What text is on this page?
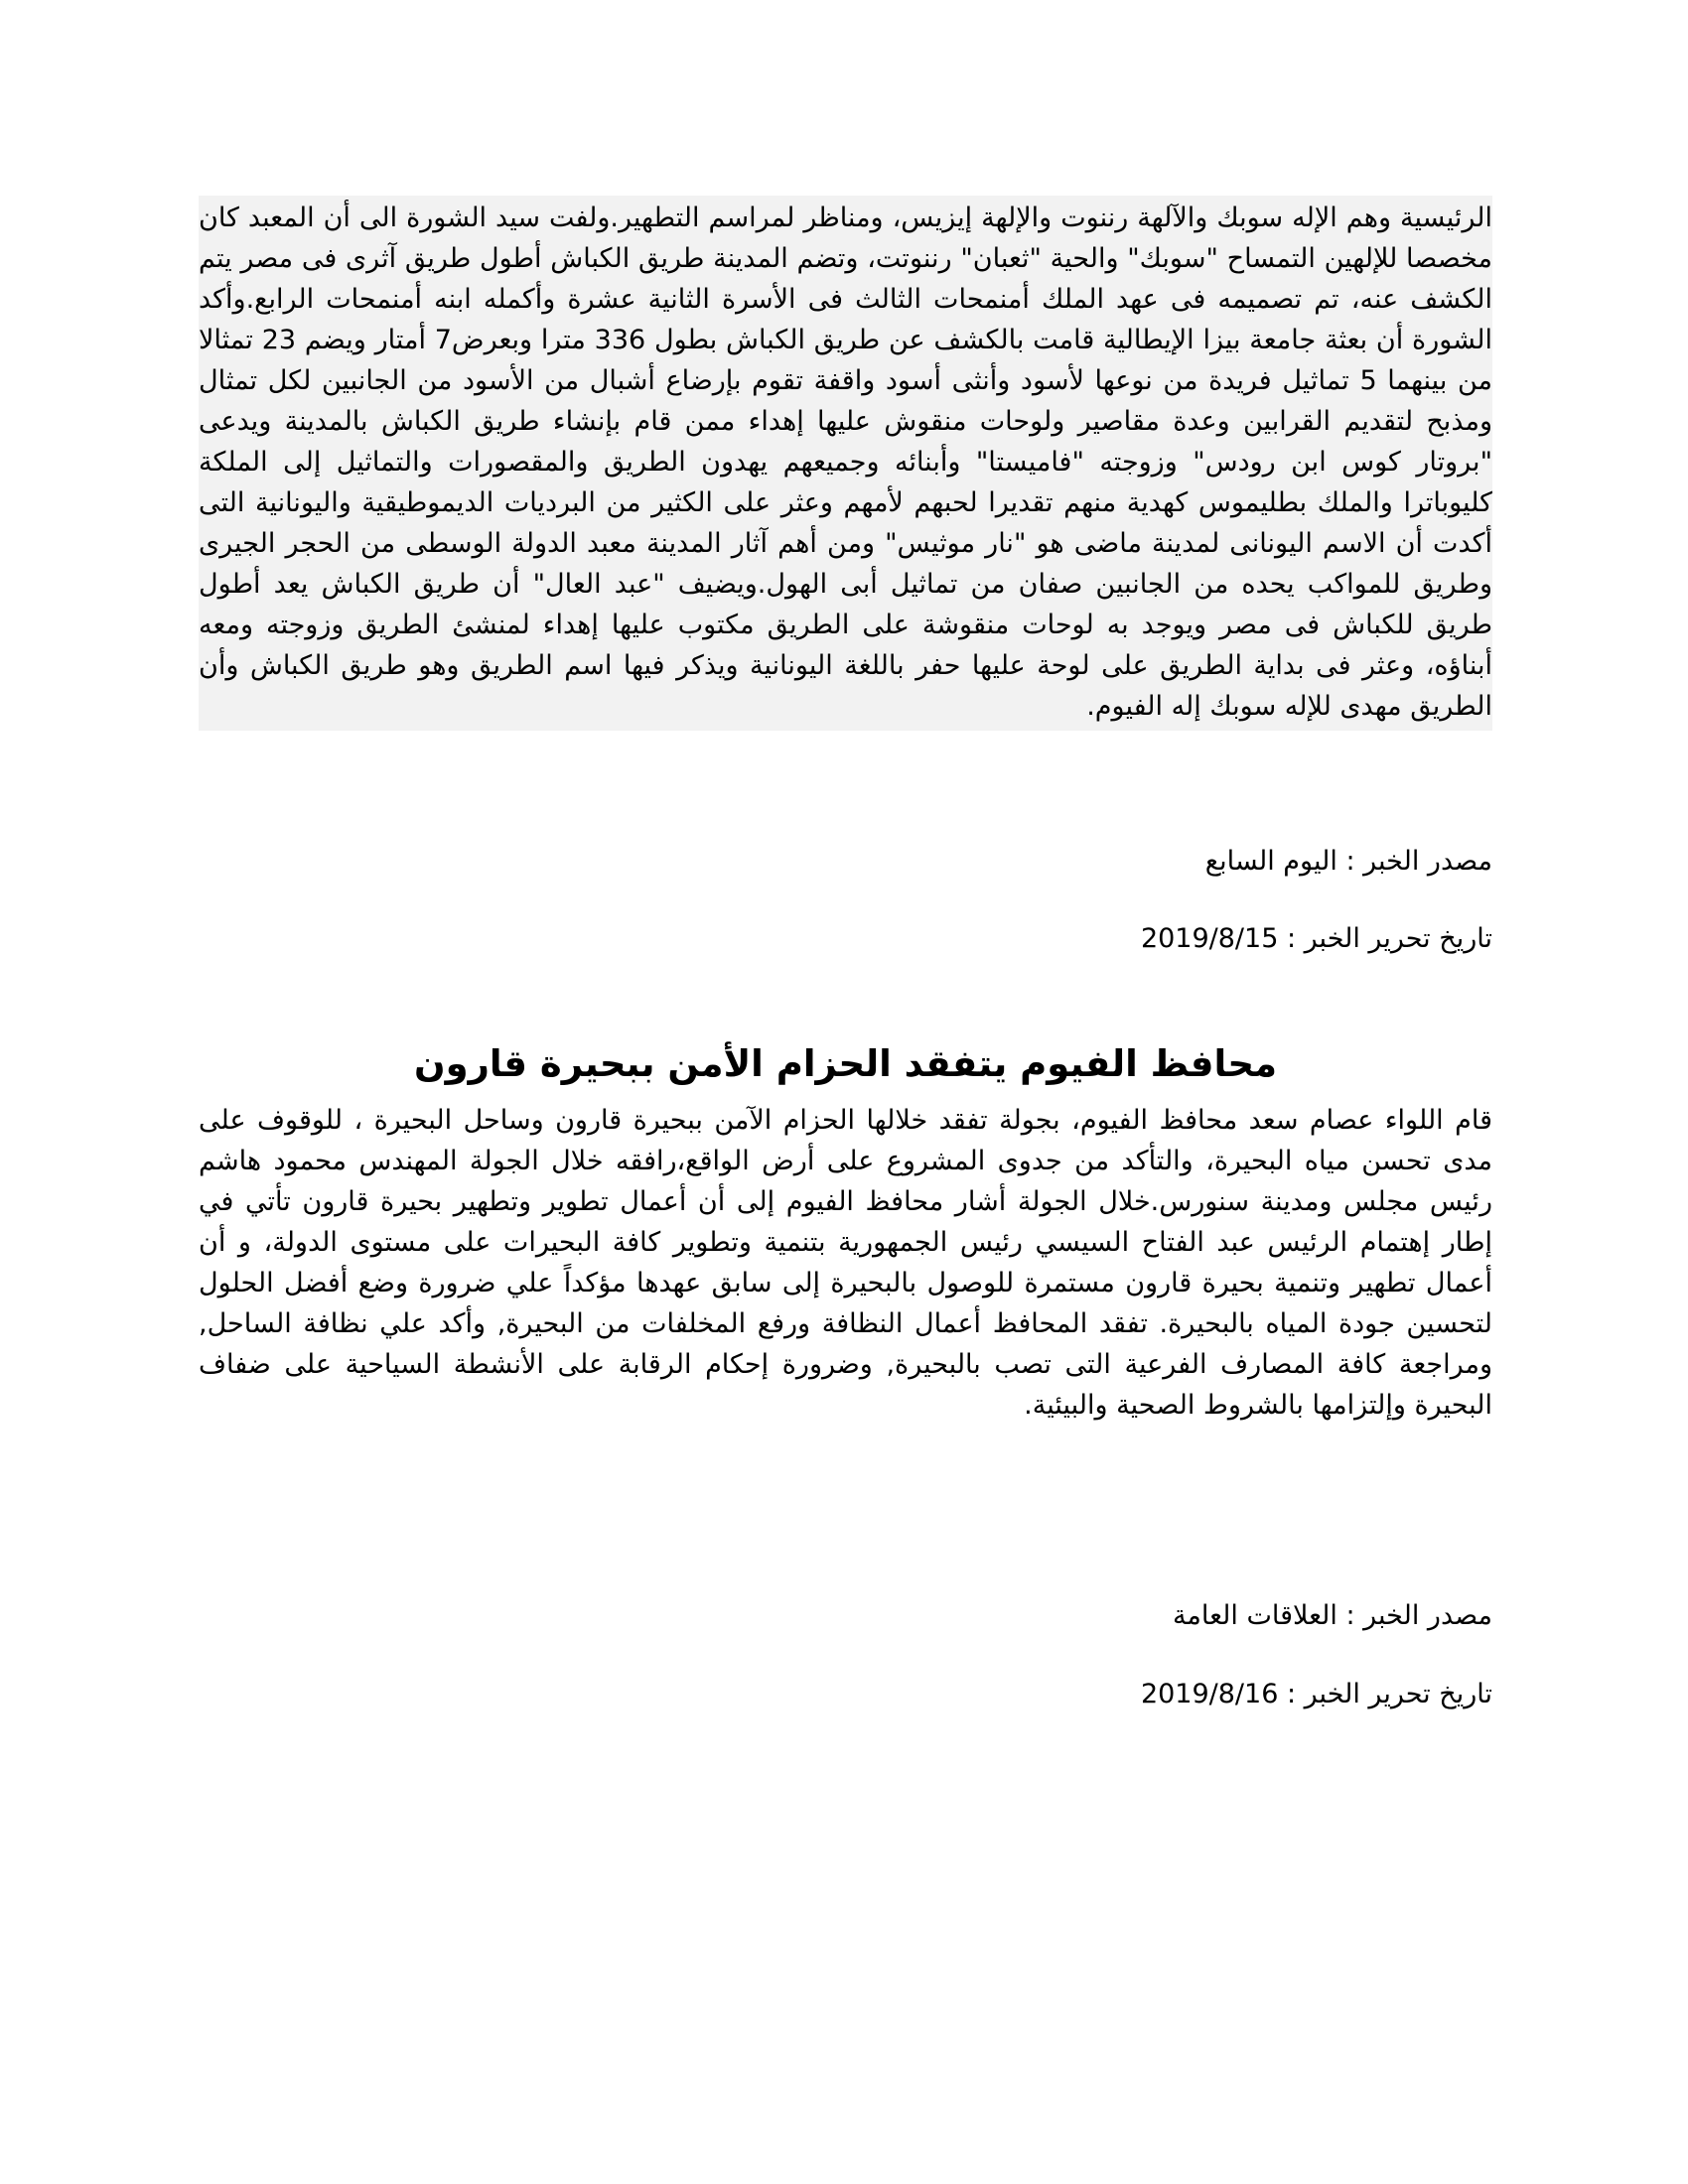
الرئيسية وهم الإله سوبك والآلهة رننوت والإلهة إيزيس، ومناظر لمراسم التطهير.ولفت سيد الشورة الى أن المعبد كان مخصصا للإلهين التمساح "سوبك" والحية "ثعبان" رننوتت، وتضم المدينة طريق الكباش أطول طريق آثرى فى مصر يتم الكشف عنه، تم تصميمه فى عهد الملك أمنمحات الثالث فى الأسرة الثانية عشرة وأكمله ابنه أمنمحات الرابع.وأكد الشورة أن بعثة جامعة بيزا الإيطالية قامت بالكشف عن طريق الكباش بطول 336 مترا وبعرض7 أمتار ويضم 23 تمثالا من بينهما 5 تماثيل فريدة من نوعها لأسود وأنثى أسود واقفة تقوم بإرضاع أشبال من الأسود من الجانبين لكل تمثال ومذبح لتقديم القرابين وعدة مقاصير ولوحات منقوش عليها إهداء ممن قام بإنشاء طريق الكباش بالمدينة ويدعى "بروتار كوس ابن رودس" وزوجته "فاميستا" وأبنائه وجميعهم يهدون الطريق والمقصورات والتماثيل إلى الملكة كليوباترا والملك بطليموس كهدية منهم تقديرا لحبهم لأمهم وعثر على الكثير من البرديات الديموطيقية واليونانية التى أكدت أن الاسم اليونانى لمدينة ماضى هو "نار موثيس" ومن أهم آثار المدينة معبد الدولة الوسطى من الحجر الجيرى وطريق للمواكب يحده من الجانبين صفان من تماثيل أبى الهول.ويضيف "عبد العال" أن طريق الكباش يعد أطول طريق للكباش فى مصر ويوجد به لوحات منقوشة على الطريق مكتوب عليها إهداء لمنشئ الطريق وزوجته ومعه أبناؤه، وعثر فى بداية الطريق على لوحة عليها حفر باللغة اليونانية ويذكر فيها اسم الطريق وهو طريق الكباش وأن الطريق مهدى للإله سوبك إله الفيوم.

مصدر الخبر : اليوم السابع
تاريخ تحرير الخبر : 2019/8/15
محافظ الفيوم يتفقد الحزام الأمن ببحيرة قارون

قام اللواء عصام سعد محافظ الفيوم، بجولة تفقد خلالها الحزام الآمن ببحيرة قارون وساحل البحيرة ، للوقوف على مدى تحسن مياه البحيرة، والتأكد من جدوى المشروع على أرض الواقع،رافقه خلال الجولة المهندس محمود هاشم رئيس مجلس ومدينة سنورس.خلال الجولة أشار محافظ الفيوم إلى أن أعمال تطوير وتطهير بحيرة قارون تأتي في إطار إهتمام الرئيس عبد الفتاح السيسي رئيس الجمهورية بتنمية وتطوير كافة البحيرات على مستوى الدولة، و أن أعمال تطهير وتنمية بحيرة قارون مستمرة للوصول بالبحيرة إلى سابق عهدها مؤكداً علي ضرورة وضع أفضل الحلول لتحسين جودة المياه بالبحيرة. تفقد المحافظ أعمال النظافة ورفع المخلفات من البحيرة, وأكد علي نظافة الساحل, ومراجعة كافة المصارف الفرعية التى تصب بالبحيرة, وضرورة إحكام الرقابة على الأنشطة السياحية على ضفاف البحيرة وإلتزامها بالشروط الصحية والبيئية.

مصدر الخبر : العلاقات العامة
تاريخ تحرير الخبر : 2019/8/16
